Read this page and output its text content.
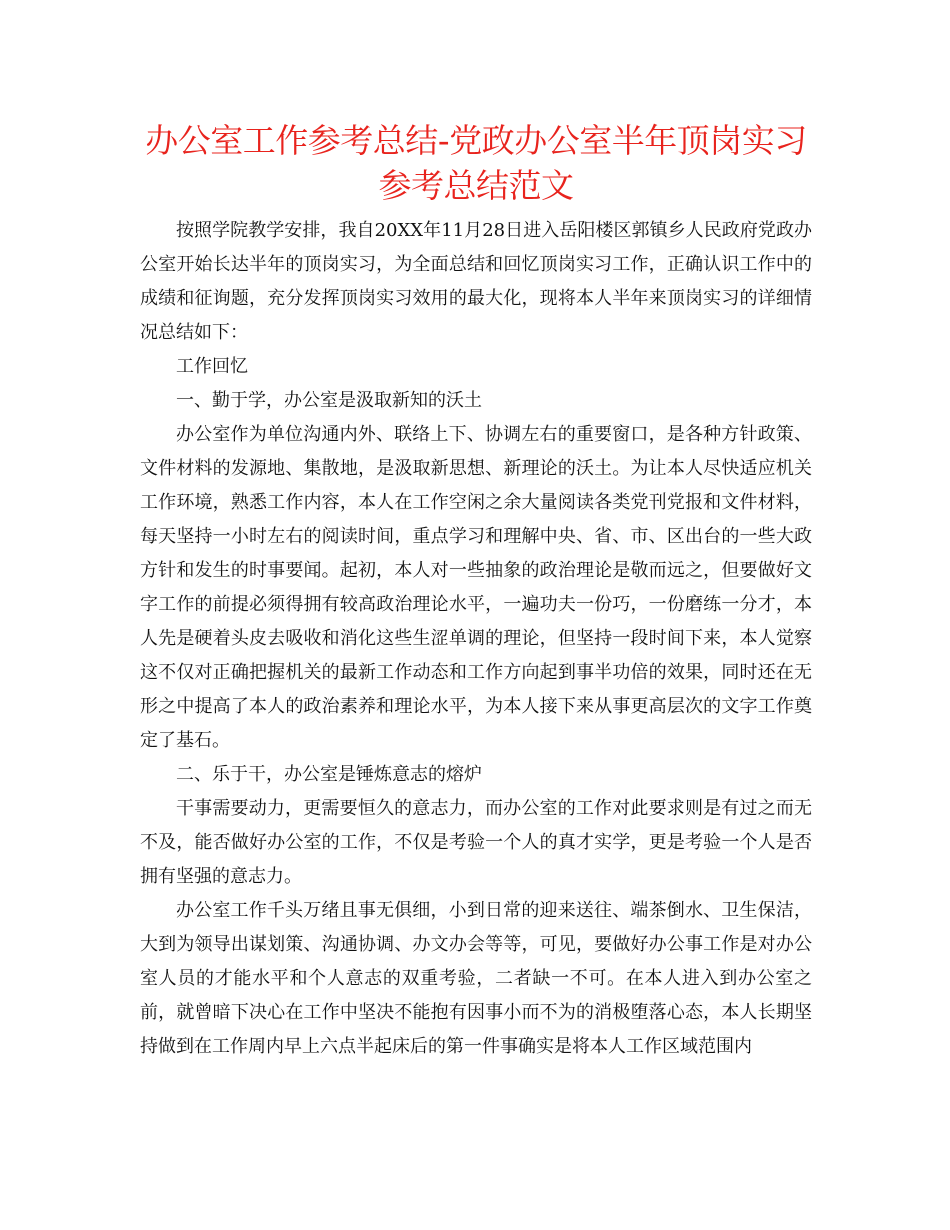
办公室工作参考总结-党政办公室半年顶岗实习参考总结范文

按照学院教学安排，我自20XX年11月28日进入岳阳楼区郭镇乡人民政府党政办公室开始长达半年的顶岗实习，为全面总结和回忆顶岗实习工作，正确认识工作中的成绩和征询题，充分发挥顶岗实习效用的最大化，现将本人半年来顶岗实习的详细情况总结如下：

工作回忆

一、勤于学，办公室是汲取新知的沃土

办公室作为单位沟通内外、联络上下、协调左右的重要窗口，是各种方针政策、文件材料的发源地、集散地，是汲取新思想、新理论的沃土。为让本人尽快适应机关工作环境，熟悉工作内容，本人在工作空闲之余大量阅读各类党刊党报和文件材料，每天坚持一小时左右的阅读时间，重点学习和理解中央、省、市、区出台的一些大政方针和发生的时事要闻。起初，本人对一些抽象的政治理论是敬而远之，但要做好文字工作的前提必须得拥有较高政治理论水平，一遍功夫一份巧，一份磨练一分才，本人先是硬着头皮去吸收和消化这些生涩单调的理论，但坚持一段时间下来，本人觉察这不仅对正确把握机关的最新工作动态和工作方向起到事半功倍的效果，同时还在无形之中提高了本人的政治素养和理论水平，为本人接下来从事更高层次的文字工作奠定了基石。

二、乐于干，办公室是锤炼意志的熔炉

干事需要动力，更需要恒久的意志力，而办公室的工作对此要求则是有过之而无不及，能否做好办公室的工作，不仅是考验一个人的真才实学，更是考验一个人是否拥有坚强的意志力。

办公室工作千头万绪且事无俱细，小到日常的迎来送往、端茶倒水、卫生保洁，大到为领导出谋划策、沟通协调、办文办会等等，可见，要做好办公事工作是对办公室人员的才能水平和个人意志的双重考验，二者缺一不可。在本人进入到办公室之前，就曾暗下决心在工作中坚决不能抱有因事小而不为的消极堕落心态，本人长期坚持做到在工作周内早上六点半起床后的第一件事确实是将本人工作区域范围内
